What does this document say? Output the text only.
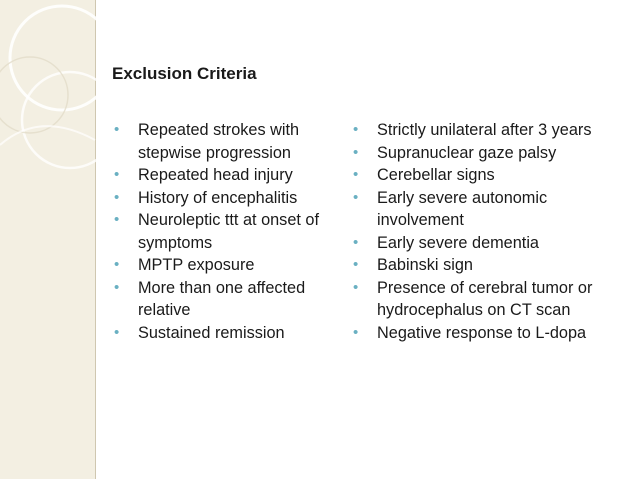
Exclusion Criteria
• Repeated strokes with stepwise progression
• Repeated head injury
• History of encephalitis
• Neuroleptic ttt at onset of symptoms
• MPTP exposure
• More than one affected relative
• Sustained remission
• Strictly unilateral after 3 years
• Supranuclear gaze palsy
• Cerebellar signs
• Early severe autonomic involvement
• Early severe dementia
• Babinski sign
• Presence of cerebral tumor or hydrocephalus on CT scan
• Negative response to L-dopa
